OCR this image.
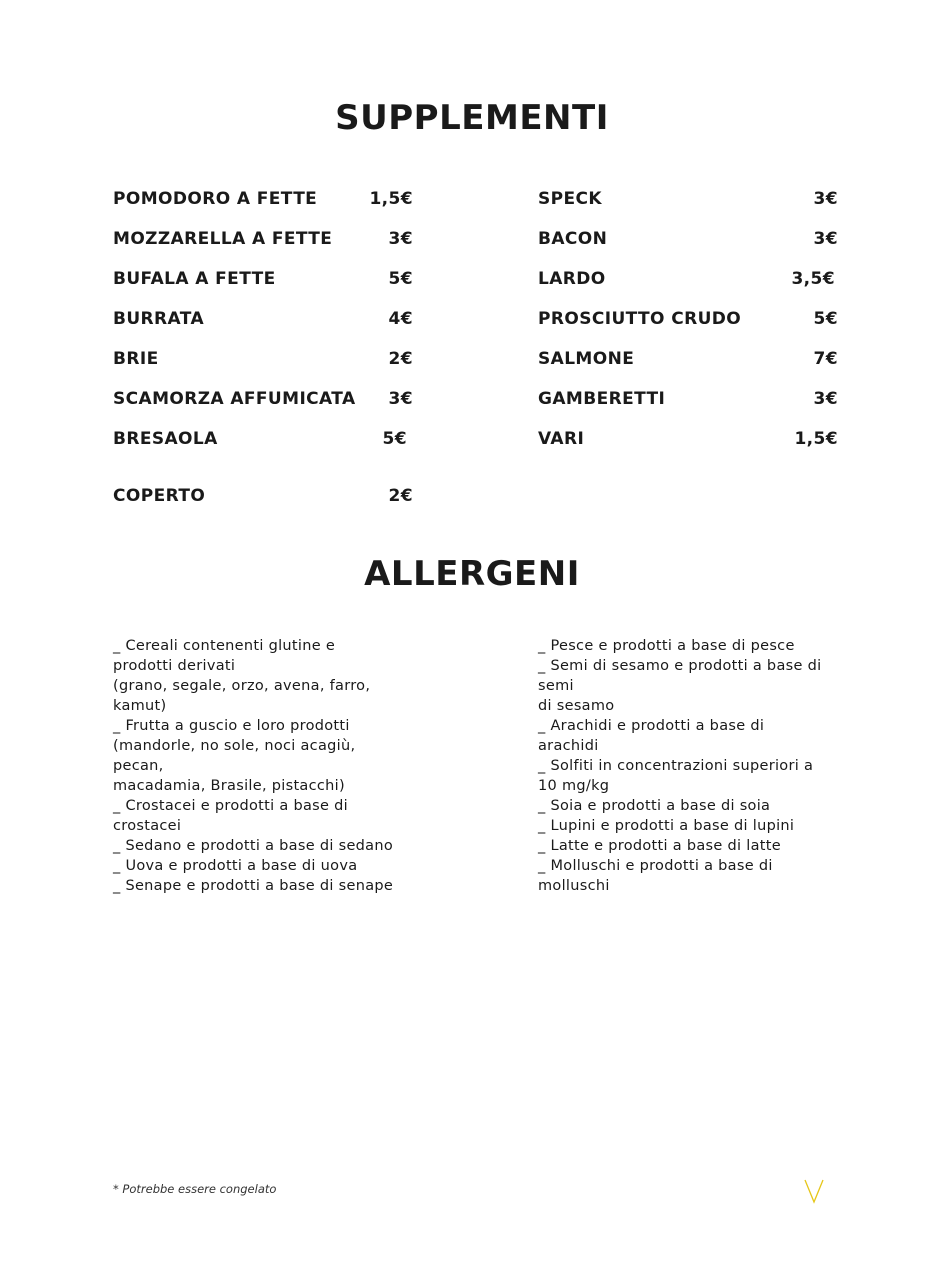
SUPPLEMENTI
POMODORO A FETTE	1,5€
MOZZARELLA A FETTE	3€
BUFALA A FETTE	5€
BURRATA	4€
BRIE	2€
SCAMORZA AFFUMICATA 3€
BRESAOLA	5€
SPECK	3€
BACON	3€
LARDO	3,5€
PROSCIUTTO CRUDO	5€
SALMONE	7€
GAMBERETTI	3€
VARI	1,5€
COPERTO	2€
ALLERGENI
_ Cereali contenenti glutine e
prodotti derivati
(grano, segale, orzo, avena, farro,
kamut)
_ Frutta a guscio e loro prodotti
(mandorle, no sole, noci acagiù,
pecan,
macadamia, Brasile, pistacchi)
_ Crostacei e prodotti a base di
crostacei
_ Sedano e prodotti a base di sedano
_ Uova e prodotti a base di uova
_ Senape e prodotti a base di senape
_ Pesce e prodotti a base di pesce
_ Semi di sesamo e prodotti a base di
semi
di sesamo
_ Arachidi e prodotti a base di
arachidi
_ Solfiti in concentrazioni superiori a
10 mg/kg
_ Soia e prodotti a base di soia
_ Lupini e prodotti a base di lupini
_ Latte e prodotti a base di latte
_ Molluschi e prodotti a base di
molluschi
* Potrebbe essere congelato
